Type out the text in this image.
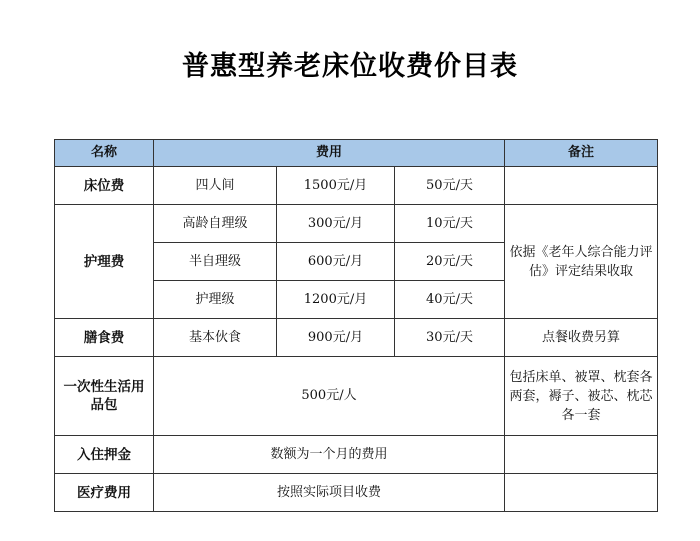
普惠型养老床位收费价目表
名称	费用			备注
床位费	四人间	1500元/月	50元/天	
护理费	高龄自理级	300元/月	10元/天	依据《老年人综合能力评估》评定结果收取
	半自理级	600元/月	20元/天	
	护理级	1200元/月	40元/天	
膳食费	基本伙食	900元/月	30元/天	点餐收费另算
一次性生活用品包	500元/人			包括床单、被罩、枕套各两套，褥子、被芯、枕芯各一套
入住押金	数额为一个月的费用			
医疗费用	按照实际项目收费			
